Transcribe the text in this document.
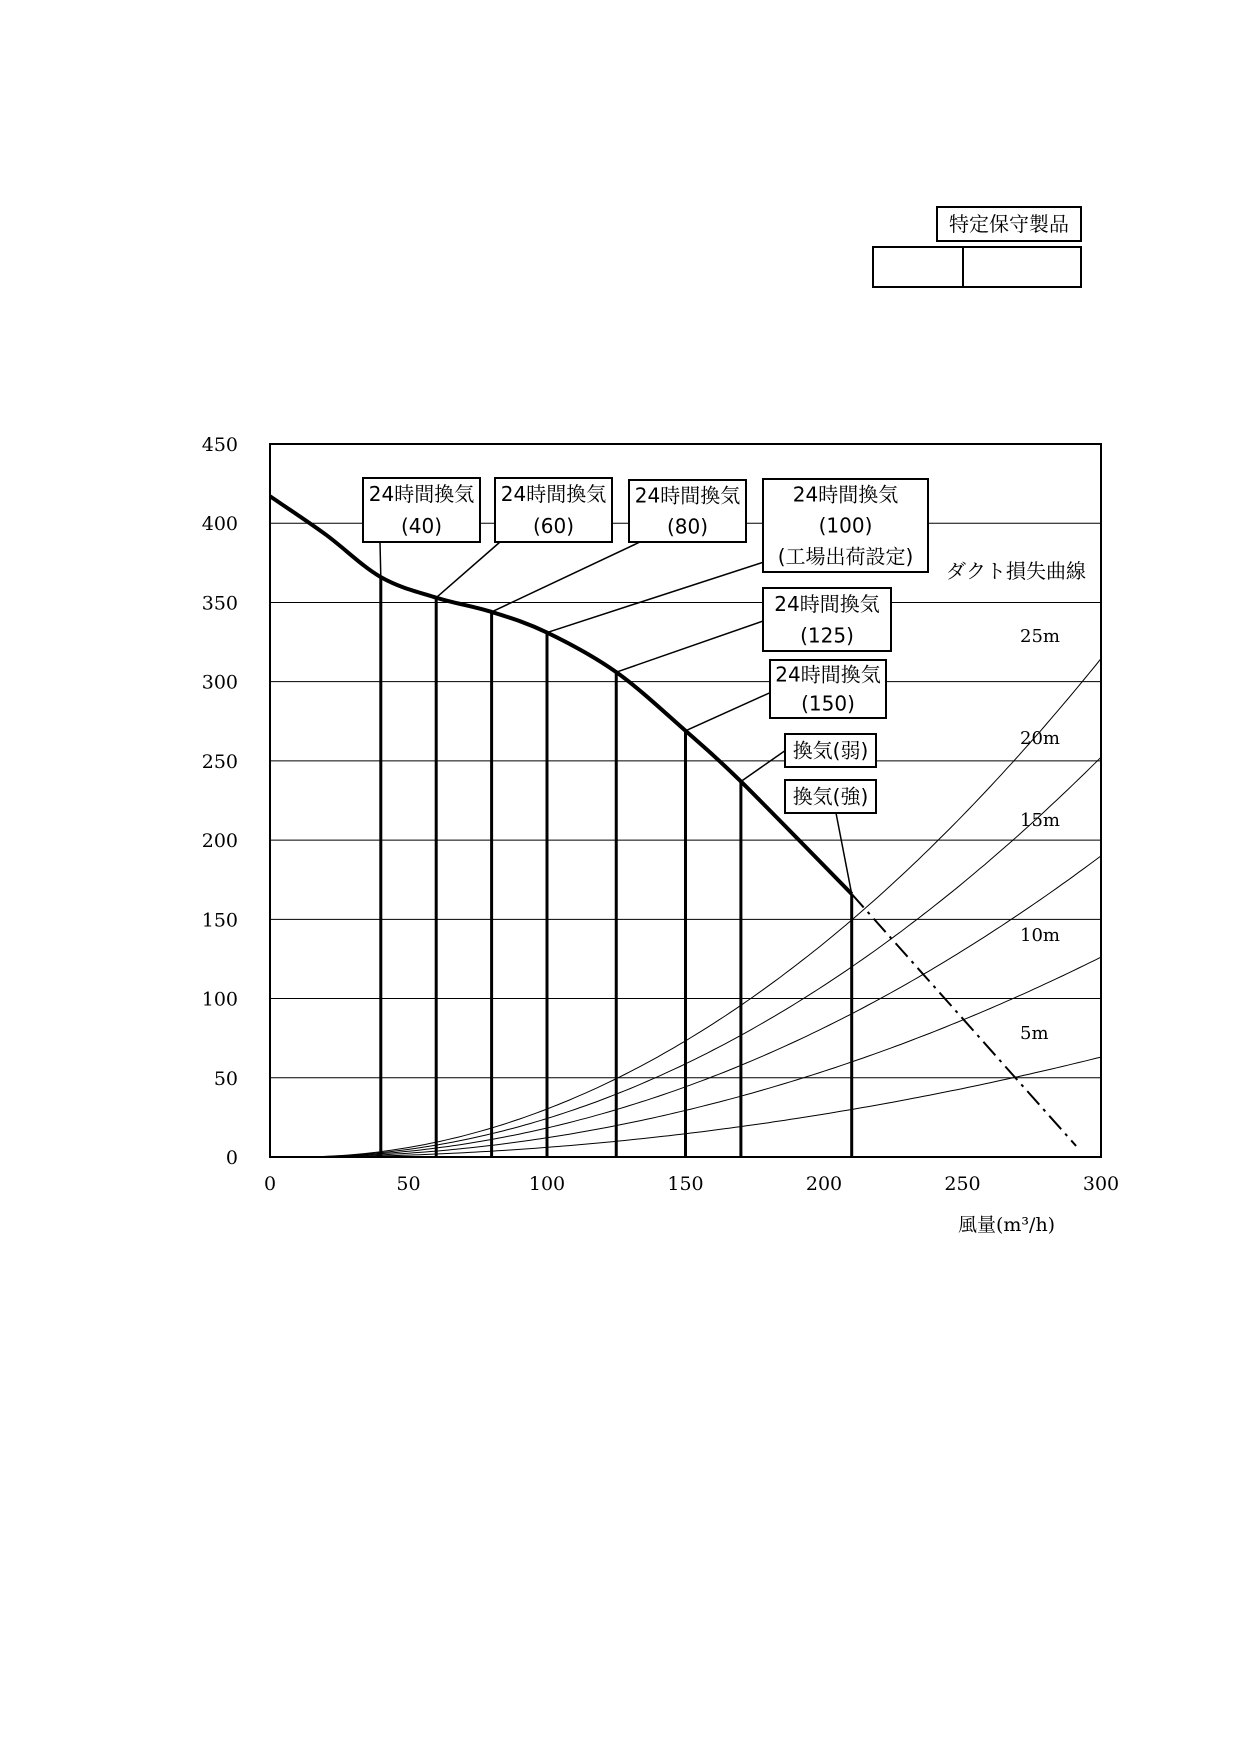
特定保守製品
25m
20m
15m
10m
5m
24時間換気
(40)
24時間換気
(60)
24時間換気
(80)
24時間換気
(100)
(工場出荷設定)
24時間換気
(125)
24時間換気
(150)
換気(弱)
換気(強)
0
50
100
150
200
250
300
350
400
450
0	50	100	150	200	250	300
ダクト損失曲線
風量(m³/h)
